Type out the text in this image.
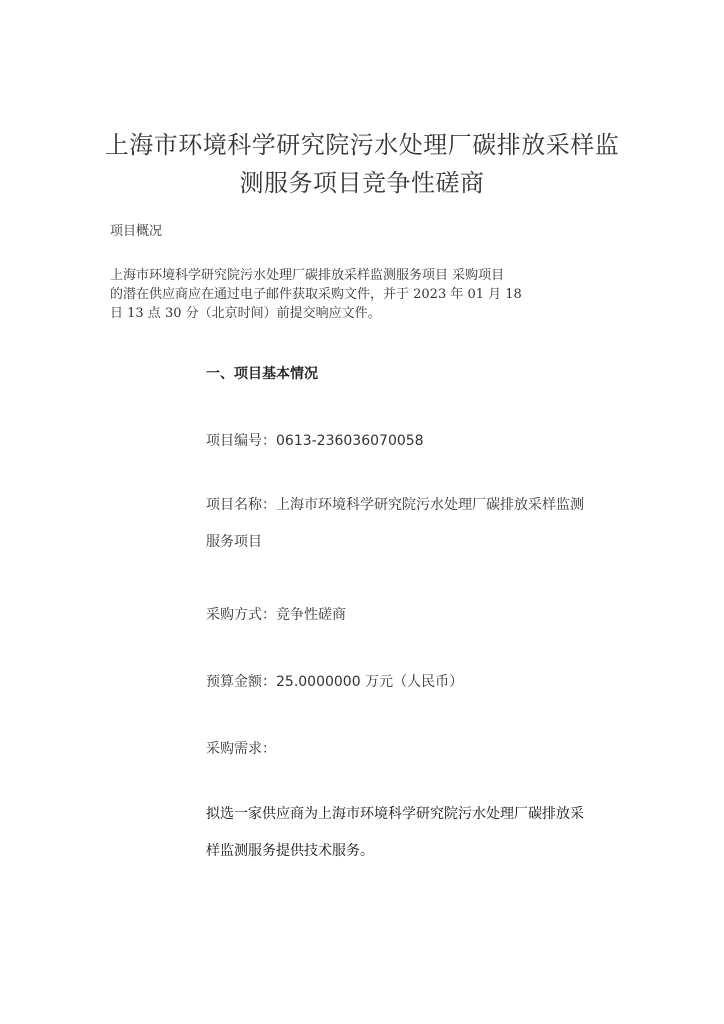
上海市环境科学研究院污水处理厂碳排放采样监
测服务项目竞争性磋商
项目概况
上海市环境科学研究院污水处理厂碳排放采样监测服务项目 采购项目
的潜在供应商应在通过电子邮件获取采购文件，并于 2023 年 01 月 18
日 13 点 30 分（北京时间）前提交响应文件。
一、项目基本情况
项目编号：0613-236036070058
项目名称：上海市环境科学研究院污水处理厂碳排放采样监测
服务项目
采购方式：竞争性磋商
预算金额：25.0000000 万元（人民币）
采购需求：
拟选一家供应商为上海市环境科学研究院污水处理厂碳排放采
样监测服务提供技术服务。
